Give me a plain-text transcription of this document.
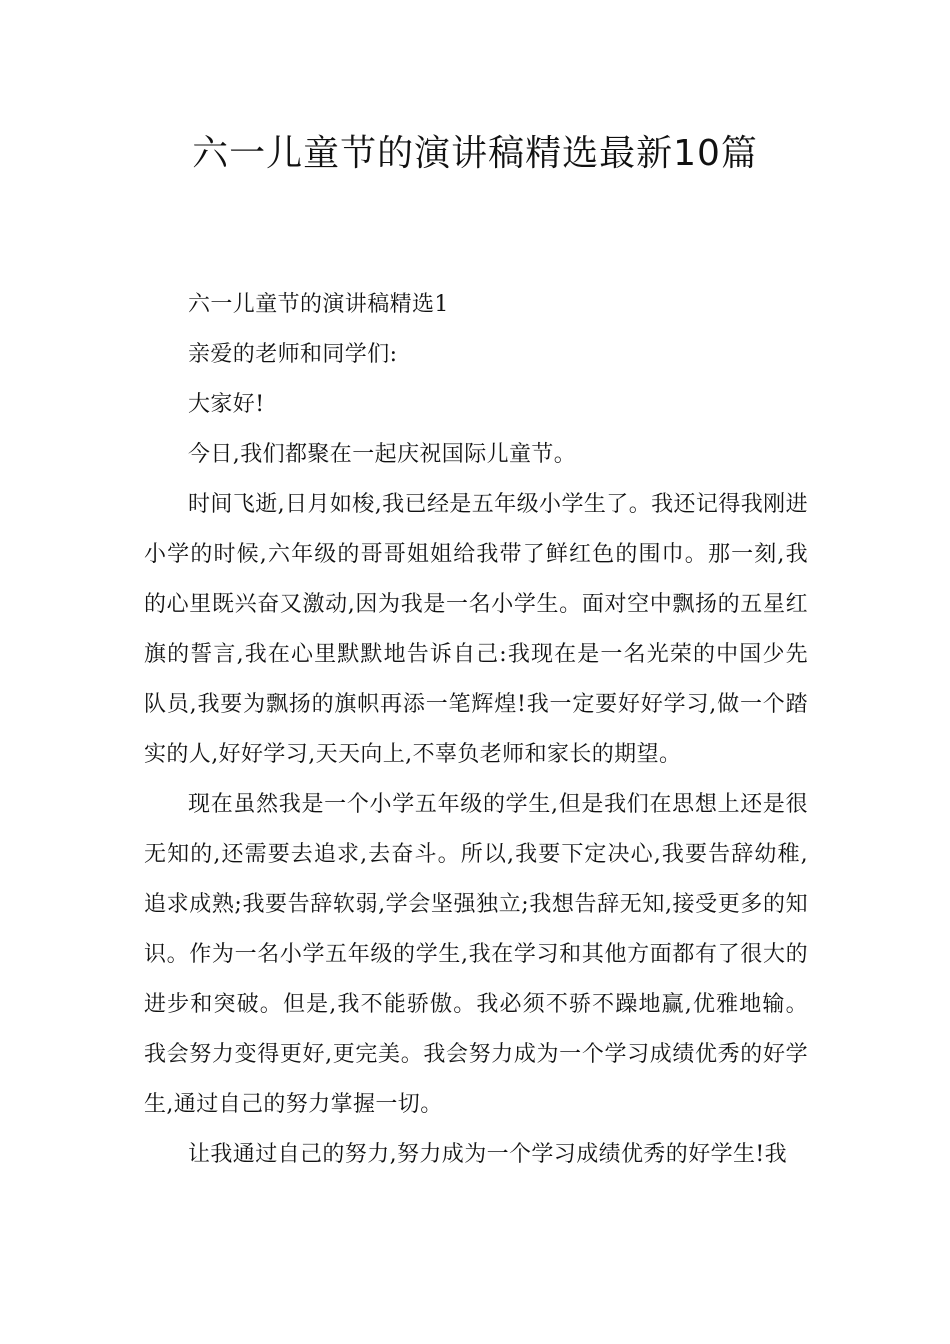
六一儿童节的演讲稿精选最新10篇

六一儿童节的演讲稿精选1

亲爱的老师和同学们:

大家好!

今日,我们都聚在一起庆祝国际儿童节。

时间飞逝,日月如梭,我已经是五年级小学生了。我还记得我刚进小学的时候,六年级的哥哥姐姐给我带了鲜红色的围巾。那一刻,我的心里既兴奋又激动,因为我是一名小学生。面对空中飘扬的五星红旗的誓言,我在心里默默地告诉自己:我现在是一名光荣的中国少先队员,我要为飘扬的旗帜再添一笔辉煌!我一定要好好学习,做一个踏实的人,好好学习,天天向上,不辜负老师和家长的期望。

现在虽然我是一个小学五年级的学生,但是我们在思想上还是很无知的,还需要去追求,去奋斗。所以,我要下定决心,我要告辞幼稚,追求成熟;我要告辞软弱,学会坚强独立;我想告辞无知,接受更多的知识。作为一名小学五年级的学生,我在学习和其他方面都有了很大的进步和突破。但是,我不能骄傲。我必须不骄不躁地赢,优雅地输。我会努力变得更好,更完美。我会努力成为一个学习成绩优秀的好学生,通过自己的努力掌握一切。

让我通过自己的努力,努力成为一个学习成绩优秀的好学生!我
